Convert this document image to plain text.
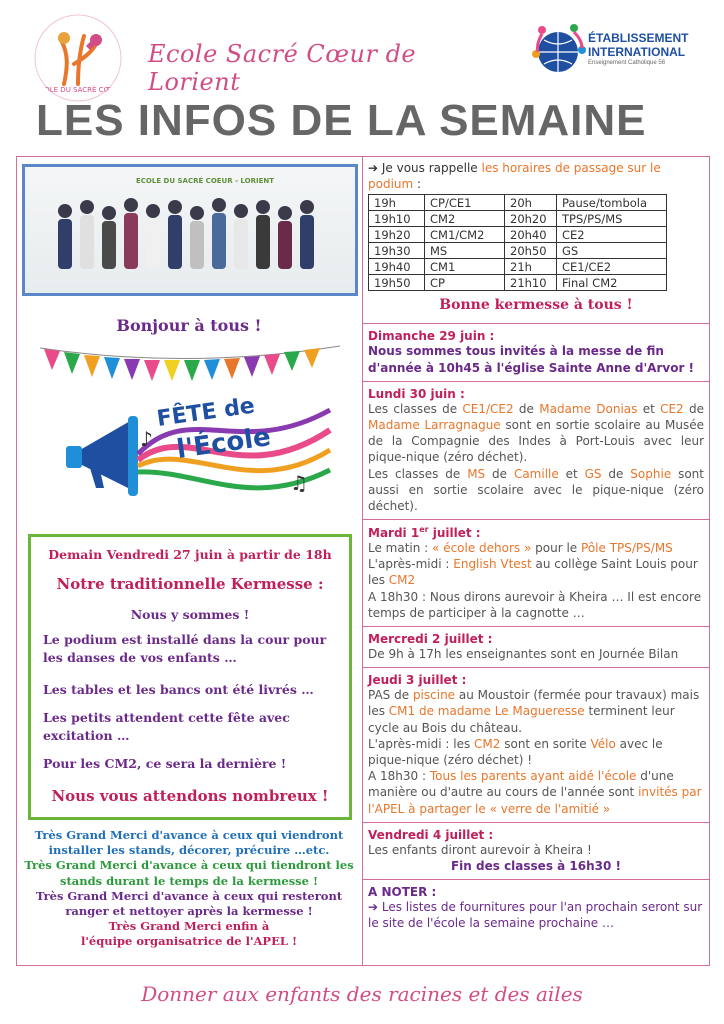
ECOLE DU SACRÉ CŒUR
Ecole Sacré Cœur de Lorient
ÉTABLISSEMENT
INTERNATIONAL
Enseignement Catholique 56
LES INFOS DE LA SEMAINE
ECOLE DU SACRÉ COEUR - LORIENT
Bonjour à tous !
FÊTE de
l'École
♪
♫
Demain Vendredi 27 juin à partir de 18h
Notre traditionnelle Kermesse :
Nous y sommes !
Le podium est installé dans la cour pour les danses de vos enfants …
Les tables et les bancs ont été livrés …
Les petits attendent cette fête avec excitation …
Pour les CM2, ce sera la dernière !
Nous vous attendons nombreux !
Très Grand Merci d'avance à ceux qui viendront installer les stands, décorer, précuire …etc.
Très Grand Merci d'avance à ceux qui tiendront les stands durant le temps de la kermesse !
Très Grand Merci d'avance à ceux qui resteront ranger et nettoyer après la kermesse !
Très Grand Merci enfin à
l'équipe organisatrice de l'APEL !
➔ Je vous rappelle les horaires de passage sur le podium :
19h	CP/CE1	20h	Pause/tombola
19h10	CM2	20h20	TPS/PS/MS
19h20	CM1/CM2	20h40	CE2
19h30	MS	20h50	GS
19h40	CM1	21h	CE1/CE2
19h50	CP	21h10	Final CM2
Bonne kermesse à tous !
Dimanche 29 juin :
Nous sommes tous invités à la messe de fin d'année à 10h45 à l'église Sainte Anne d'Arvor !
Lundi 30 juin :
Les classes de CE1/CE2 de Madame Donias et CE2 de Madame Larragnague sont en sortie scolaire au Musée de la Compagnie des Indes à Port-Louis avec leur pique-nique (zéro déchet).
Les classes de MS de Camille et GS de Sophie sont aussi en sortie scolaire avec le pique-nique (zéro déchet).
Mardi 1er juillet :
Le matin : « école dehors » pour le Pôle TPS/PS/MS
L'après-midi : English Vtest au collège Saint Louis pour les CM2
A 18h30 : Nous dirons aurevoir à Kheira … Il est encore temps de participer à la cagnotte …
Mercredi 2 juillet :
De 9h à 17h les enseignantes sont en Journée Bilan
Jeudi 3 juillet :
PAS de piscine au Moustoir (fermée pour travaux) mais les CM1 de madame Le Magueresse terminent leur cycle au Bois du château.
L'après-midi : les CM2 sont en sorite Vélo avec le pique-nique (zéro déchet) !
A 18h30 : Tous les parents ayant aidé l'école d'une manière ou d'autre au cours de l'année sont invités par l'APEL à partager le « verre de l'amitié »
Vendredi 4 juillet :
Les enfants diront aurevoir à Kheira !
Fin des classes à 16h30 !
A NOTER :
➔ Les listes de fournitures pour l'an prochain seront sur le site de l'école la semaine prochaine …
Donner aux enfants des racines et des ailes
